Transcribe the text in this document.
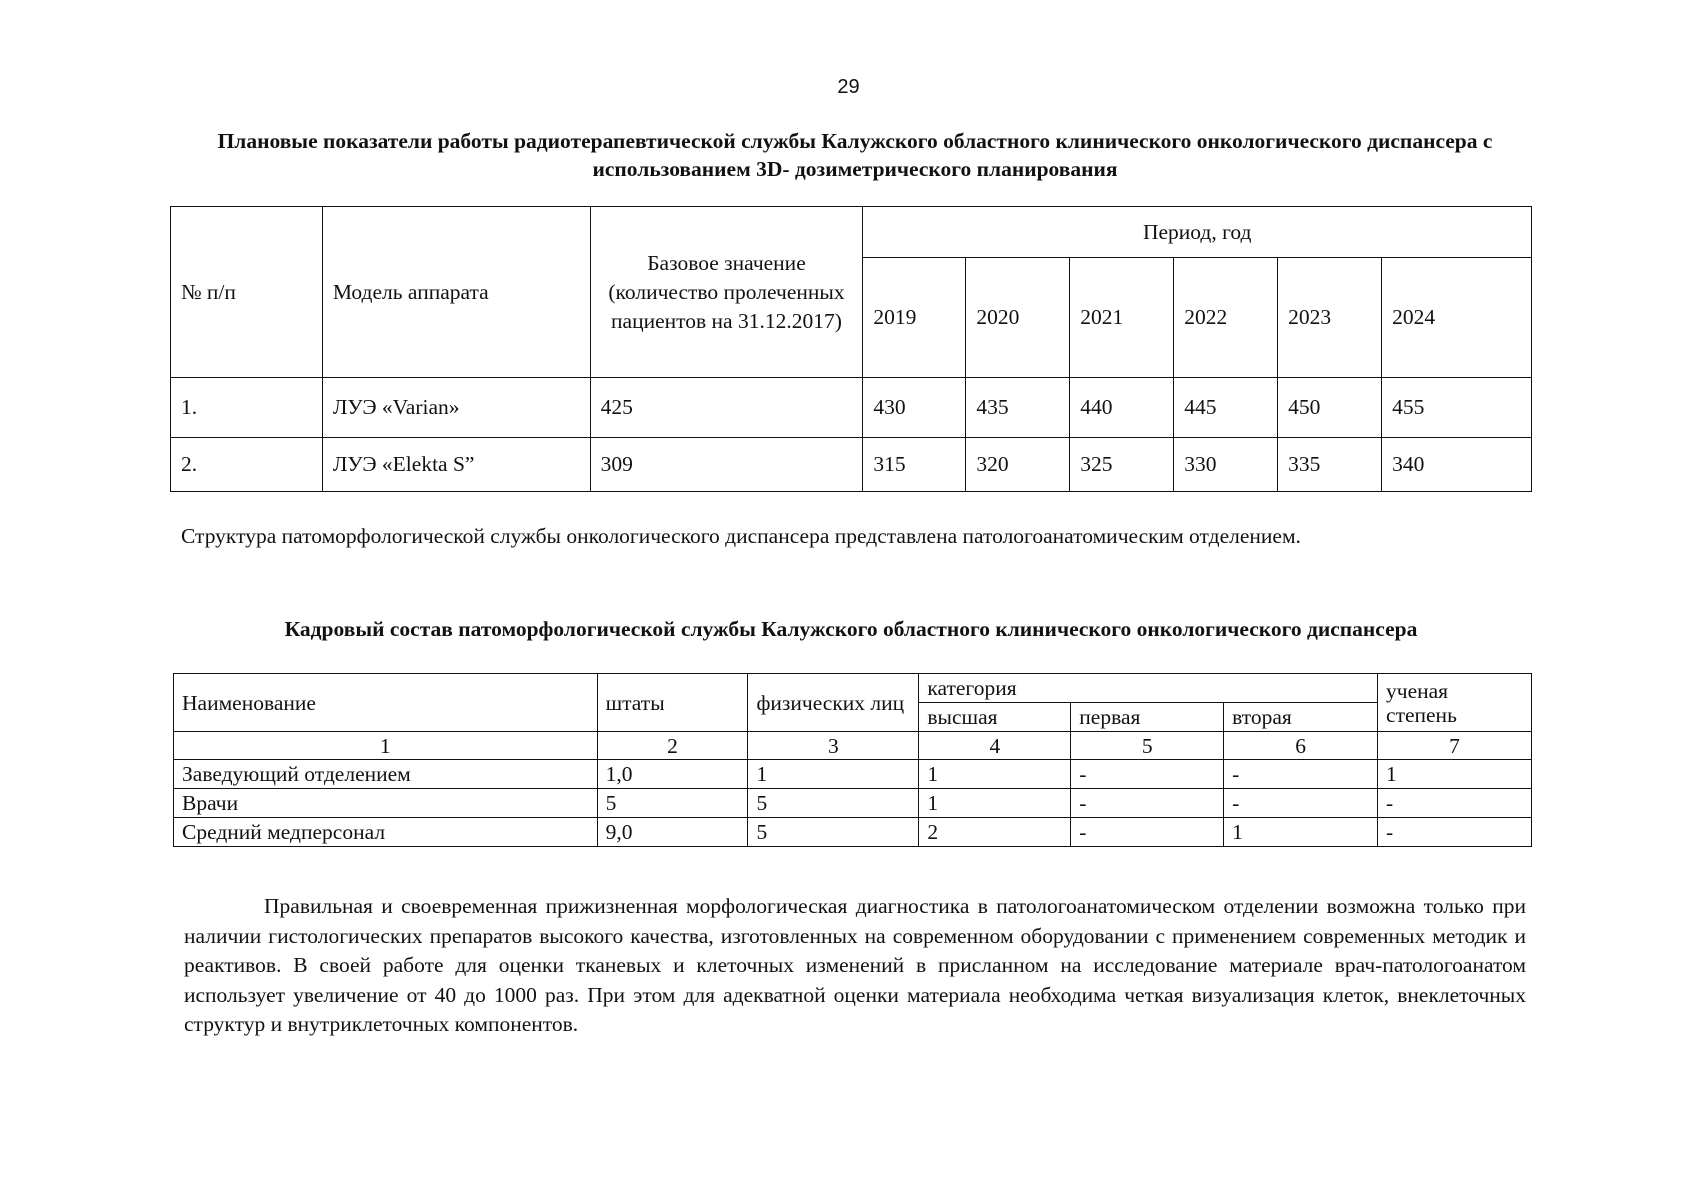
29
Плановые показатели работы радиотерапевтической службы Калужского областного клинического онкологического диспансера с использованием 3D- дозиметрического планирования
№ п/п	Модель аппарата	Базовое значение (количество пролеченных пациентов на 31.12.2017)	Период, год					
			2019	2020	2021	2022	2023	2024
1.	ЛУЭ «Varian»	425	430	435	440	445	450	455
2.	ЛУЭ «Elekta S”	309	315	320	325	330	335	340
Структура патоморфологической службы онкологического диспансера представлена патологоанатомическим отделением.
Кадровый состав патоморфологической службы Калужского областного клинического онкологического диспансера
Наименование	штаты	физических лиц	категория			ученая степень
			высшая	первая	вторая	
1	2	3	4	5	6	7
Заведующий отделением	1,0	1	1	-	-	1
Врачи	5	5	1	-	-	-
Средний медперсонал	9,0	5	2	-	1	-
Правильная и своевременная прижизненная морфологическая диагностика в патологоанатомическом отделении возможна только при наличии гистологических препаратов высокого качества, изготовленных на современном оборудовании с применением современных методик и реактивов. В своей работе для оценки тканевых и клеточных изменений в присланном на исследование материале врач-патологоанатом использует увеличение от 40 до 1000 раз. При этом для адекватной оценки материала необходима четкая визуализация клеток, внеклеточных структур и внутриклеточных компонентов.
